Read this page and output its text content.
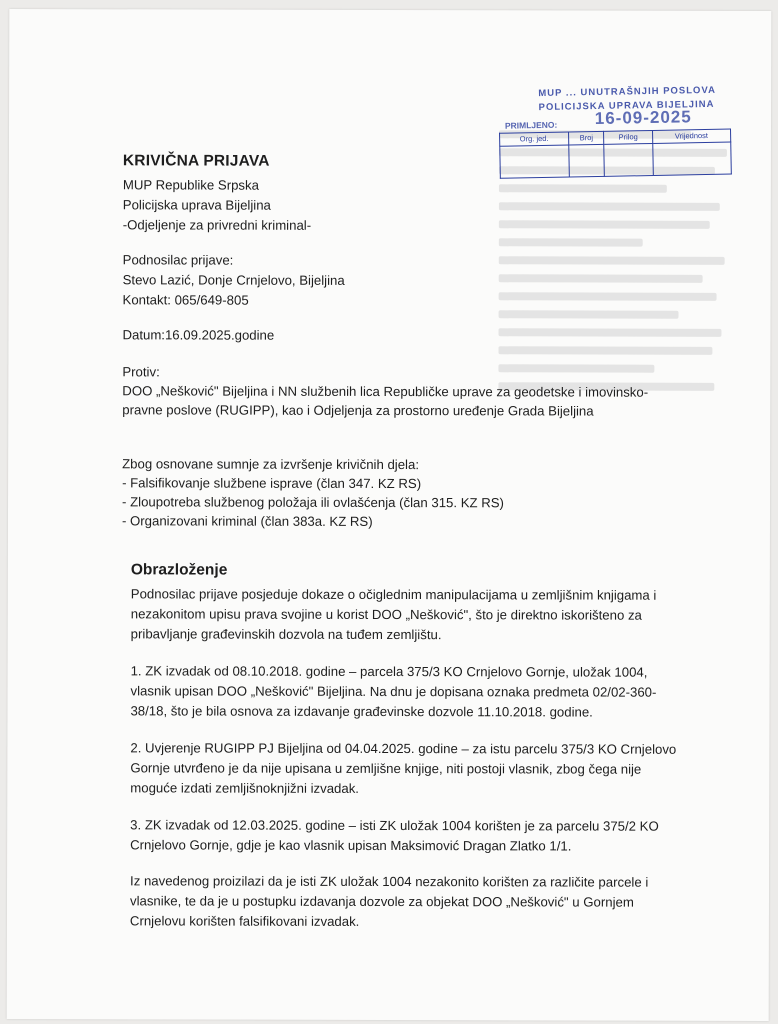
MUP ... UNUTRAŠNJIH POSLOVA
POLICIJSKA UPRAVA BIJELJINA
PRIMLJENO: 16-09-2025
Org. jed.	Broj	Prilog	Vrijednost

KRIVIČNA PRIJAVA
MUP Republike Srpska
Policijska uprava Bijeljina
-Odjeljenje za privredni kriminal-
Podnosilac prijave:
Stevo Lazić, Donje Crnjelovo, Bijeljina
Kontakt: 065/649-805
Datum:16.09.2025.godine
Protiv:
DOO „Nešković" Bijeljina i NN službenih lica Republičke uprave za geodetske i imovinsko-
pravne poslove (RUGIPP), kao i Odjeljenja za prostorno uređenje Grada Bijeljina
Zbog osnovane sumnje za izvršenje krivičnih djela:
- Falsifikovanje službene isprave (član 347. KZ RS)
- Zloupotreba službenog položaja ili ovlašćenja (član 315. KZ RS)
- Organizovani kriminal (član 383a. KZ RS)
Obrazloženje
Podnosilac prijave posjeduje dokaze o očiglednim manipulacijama u zemljišnim knjigama i
nezakonitom upisu prava svojine u korist DOO „Nešković", što je direktno iskorišteno za
pribavljanje građevinskih dozvola na tuđem zemljištu.
1. ZK izvadak od 08.10.2018. godine – parcela 375/3 KO Crnjelovo Gornje, uložak 1004,
vlasnik upisan DOO „Nešković" Bijeljina. Na dnu je dopisana oznaka predmeta 02/02-360-
38/18, što je bila osnova za izdavanje građevinske dozvole 11.10.2018. godine.
2. Uvjerenje RUGIPP PJ Bijeljina od 04.04.2025. godine – za istu parcelu 375/3 KO Crnjelovo
Gornje utvrđeno je da nije upisana u zemljišne knjige, niti postoji vlasnik, zbog čega nije
moguće izdati zemljišnoknjižni izvadak.
3. ZK izvadak od 12.03.2025. godine – isti ZK uložak 1004 korišten je za parcelu 375/2 KO
Crnjelovo Gornje, gdje je kao vlasnik upisan Maksimović Dragan Zlatko 1/1.
Iz navedenog proizilazi da je isti ZK uložak 1004 nezakonito korišten za različite parcele i
vlasnike, te da je u postupku izdavanja dozvole za objekat DOO „Nešković" u Gornjem
Crnjelovu korišten falsifikovani izvadak.
